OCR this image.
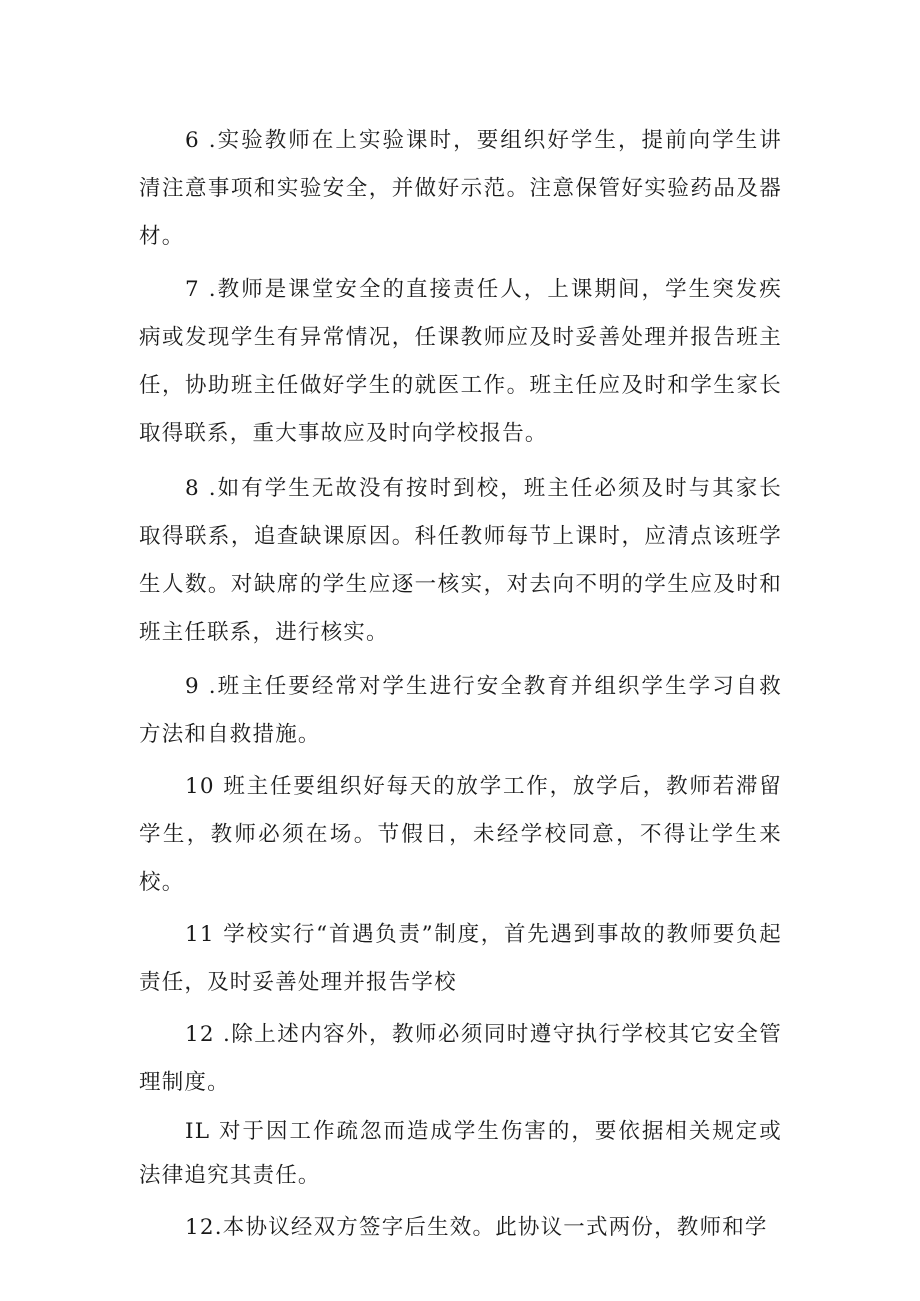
6 .实验教师在上实验课时，要组织好学生，提前向学生讲清注意事项和实验安全，并做好示范。注意保管好实验药品及器材。

7 .教师是课堂安全的直接责任人，上课期间，学生突发疾病或发现学生有异常情况，任课教师应及时妥善处理并报告班主任，协助班主任做好学生的就医工作。班主任应及时和学生家长取得联系，重大事故应及时向学校报告。

8 .如有学生无故没有按时到校，班主任必须及时与其家长取得联系，追查缺课原因。科任教师每节上课时，应清点该班学生人数。对缺席的学生应逐一核实，对去向不明的学生应及时和班主任联系，进行核实。

9 .班主任要经常对学生进行安全教育并组织学生学习自救方法和自救措施。

10 班主任要组织好每天的放学工作，放学后，教师若滞留学生，教师必须在场。节假日，未经学校同意，不得让学生来校。

11 学校实行“首遇负责”制度，首先遇到事故的教师要负起责任，及时妥善处理并报告学校

12 .除上述内容外，教师必须同时遵守执行学校其它安全管理制度。

IL 对于因工作疏忽而造成学生伤害的，要依据相关规定或法律追究其责任。

12.本协议经双方签字后生效。此协议一式两份，教师和学
